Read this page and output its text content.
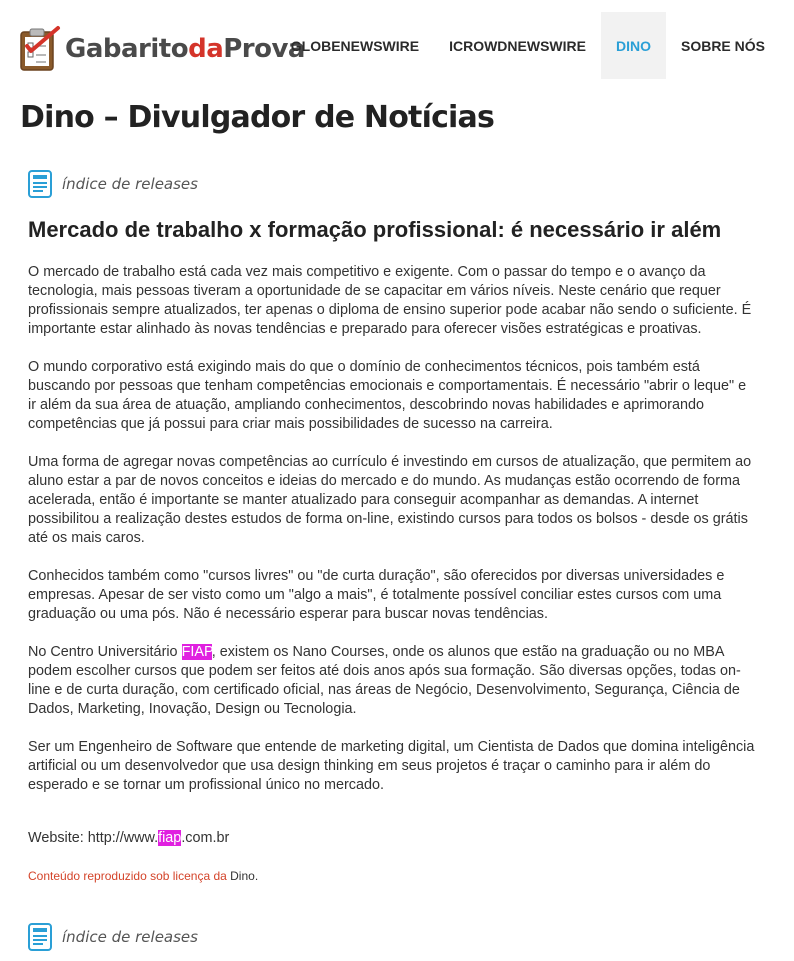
GabaritodaProva
GLOBENEWSWIRE	ICROWDNEWSWIRE	DINO	SOBRE NÓS
Dino – Divulgador de Notícias
índice de releases
Mercado de trabalho x formação profissional: é necessário ir além

O mercado de trabalho está cada vez mais competitivo e exigente. Com o passar do tempo e o avanço da tecnologia, mais pessoas tiveram a oportunidade de se capacitar em vários níveis. Neste cenário que requer profissionais sempre atualizados, ter apenas o diploma de ensino superior pode acabar não sendo o suficiente. É importante estar alinhado às novas tendências e preparado para oferecer visões estratégicas e proativas.

O mundo corporativo está exigindo mais do que o domínio de conhecimentos técnicos, pois também está buscando por pessoas que tenham competências emocionais e comportamentais. É necessário "abrir o leque" e ir além da sua área de atuação, ampliando conhecimentos, descobrindo novas habilidades e aprimorando competências que já possui para criar mais possibilidades de sucesso na carreira.

Uma forma de agregar novas competências ao currículo é investindo em cursos de atualização, que permitem ao aluno estar a par de novos conceitos e ideias do mercado e do mundo. As mudanças estão ocorrendo de forma acelerada, então é importante se manter atualizado para conseguir acompanhar as demandas. A internet possibilitou a realização destes estudos de forma on-line, existindo cursos para todos os bolsos - desde os grátis até os mais caros.

Conhecidos também como "cursos livres" ou "de curta duração", são oferecidos por diversas universidades e empresas. Apesar de ser visto como um "algo a mais", é totalmente possível conciliar estes cursos com uma graduação ou uma pós. Não é necessário esperar para buscar novas tendências.

No Centro Universitário FIAP, existem os Nano Courses, onde os alunos que estão na graduação ou no MBA podem escolher cursos que podem ser feitos até dois anos após sua formação. São diversas opções, todas on-line e de curta duração, com certificado oficial, nas áreas de Negócio, Desenvolvimento, Segurança, Ciência de Dados, Marketing, Inovação, Design ou Tecnologia.

Ser um Engenheiro de Software que entende de marketing digital, um Cientista de Dados que domina inteligência artificial ou um desenvolvedor que usa design thinking em seus projetos é traçar o caminho para ir além do esperado e se tornar um profissional único no mercado.

Website: http://www.fiap.com.br
Conteúdo reproduzido sob licença da Dino.
índice de releases
